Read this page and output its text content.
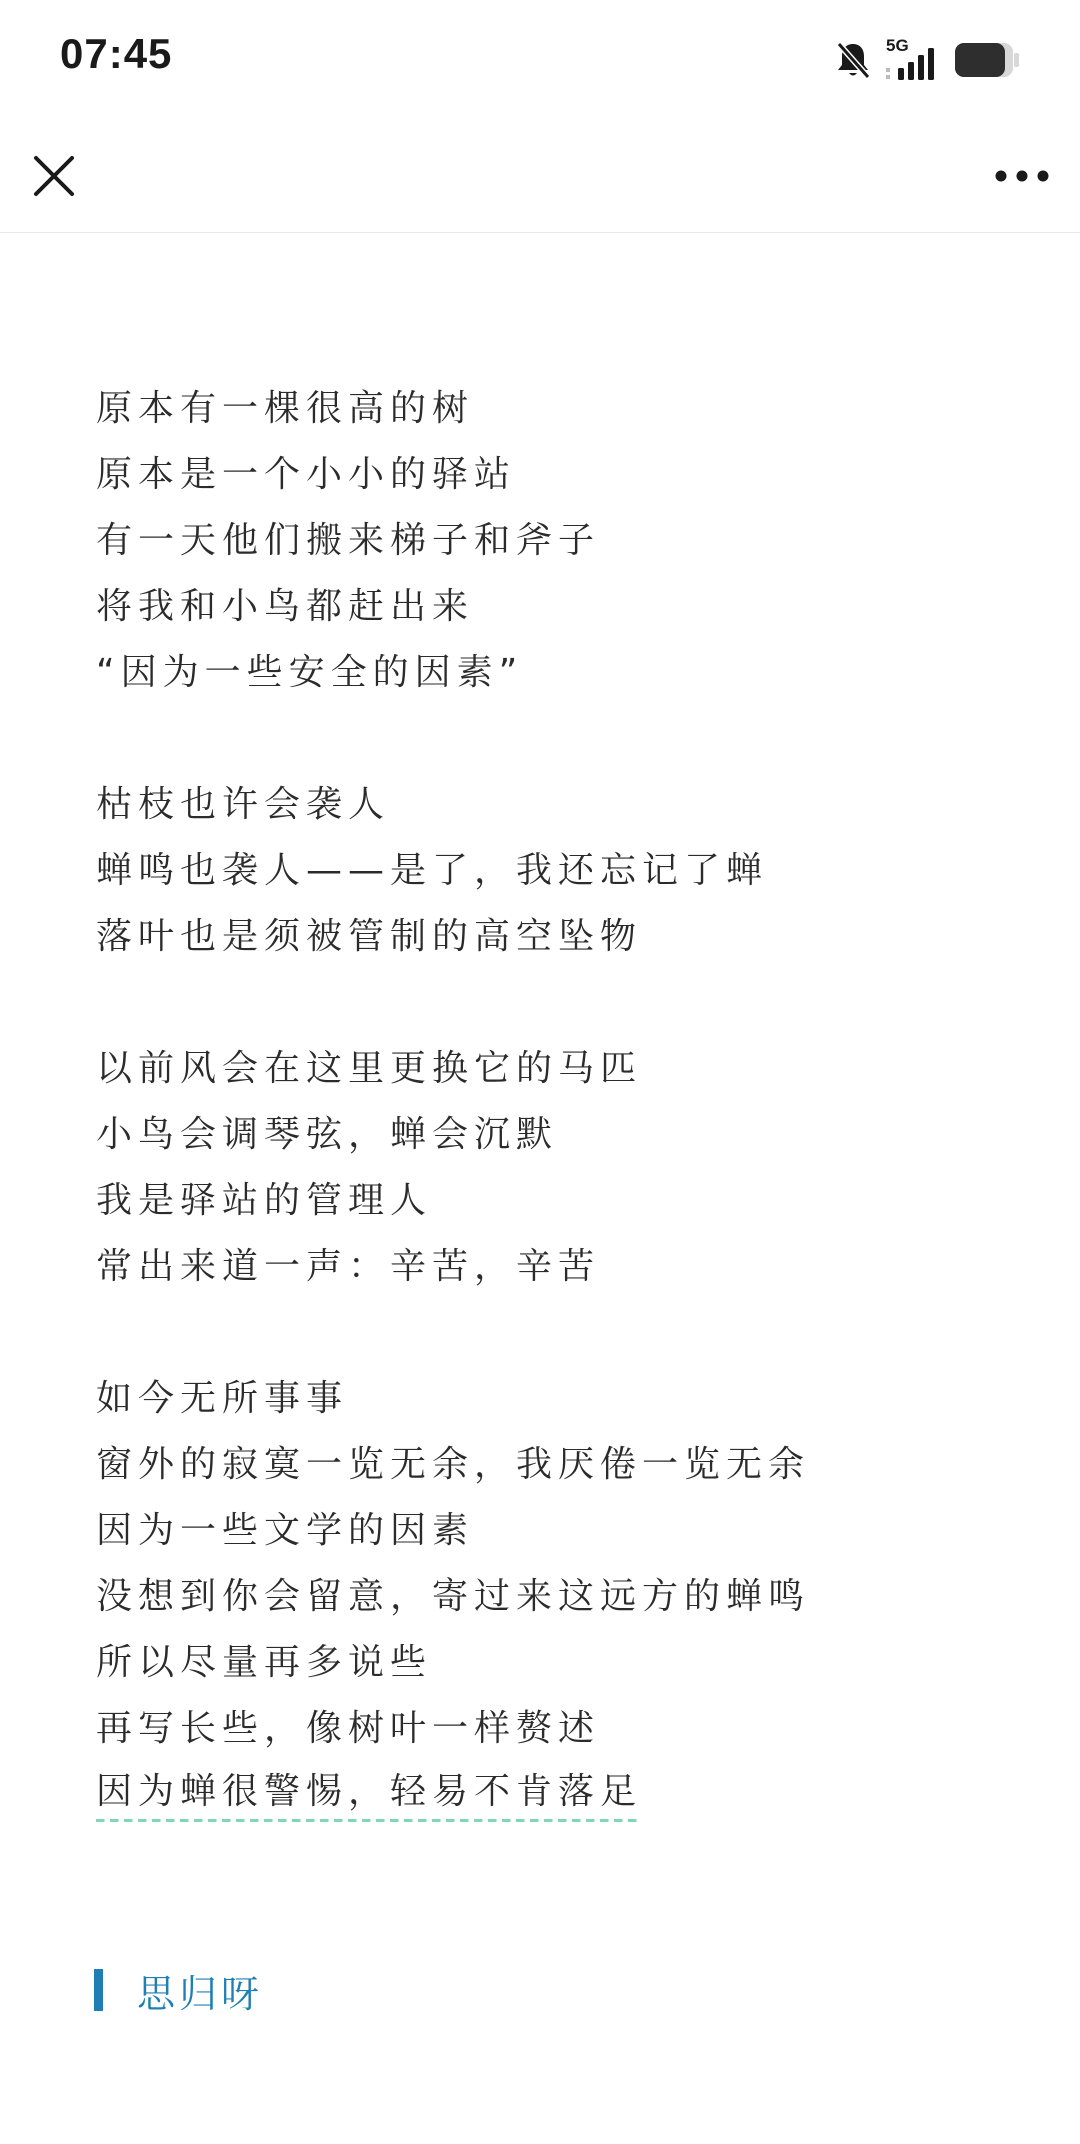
07:45	5G
原本有一棵很高的树
原本是一个小小的驿站
有一天他们搬来梯子和斧子
将我和小鸟都赶出来
“因为一些安全的因素”
枯枝也许会袭人
蝉鸣也袭人——是了，我还忘记了蝉
落叶也是须被管制的高空坠物
以前风会在这里更换它的马匹
小鸟会调琴弦，蝉会沉默
我是驿站的管理人
常出来道一声：辛苦，辛苦
如今无所事事
窗外的寂寞一览无余，我厌倦一览无余
因为一些文学的因素
没想到你会留意，寄过来这远方的蝉鸣
所以尽量再多说些
再写长些，像树叶一样赘述
因为蝉很警惕，轻易不肯落足
思归呀
